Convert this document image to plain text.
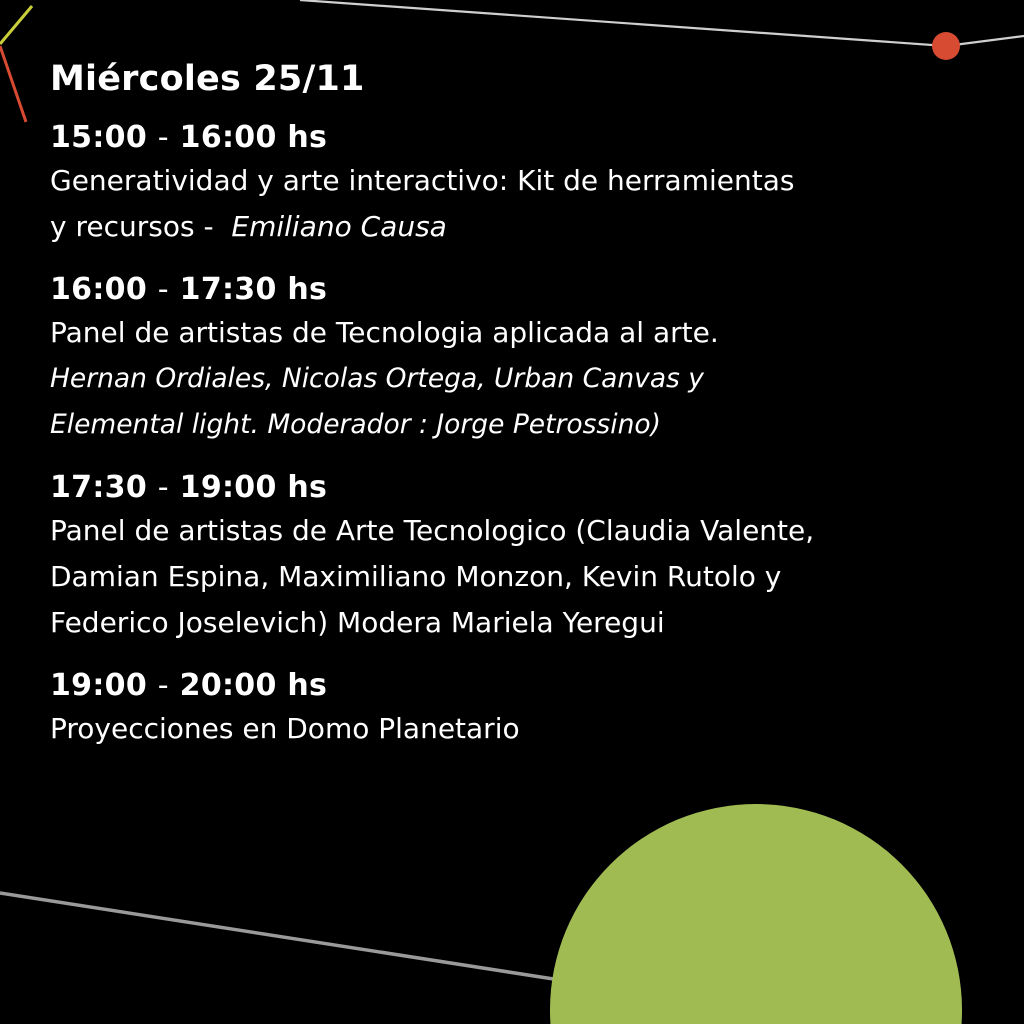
Miércoles 25/11
15:00 - 16:00 hs
Generatividad y arte interactivo: Kit de herramientas
y recursos -  Emiliano Causa
16:00 - 17:30 hs
Panel de artistas de Tecnologia aplicada al arte.
Hernan Ordiales, Nicolas Ortega, Urban Canvas y
Elemental light. Moderador : Jorge Petrossino)
17:30 - 19:00 hs
Panel de artistas de Arte Tecnologico (Claudia Valente,
Damian Espina, Maximiliano Monzon, Kevin Rutolo y
Federico Joselevich) Modera Mariela Yeregui
19:00 - 20:00 hs
Proyecciones en Domo Planetario
